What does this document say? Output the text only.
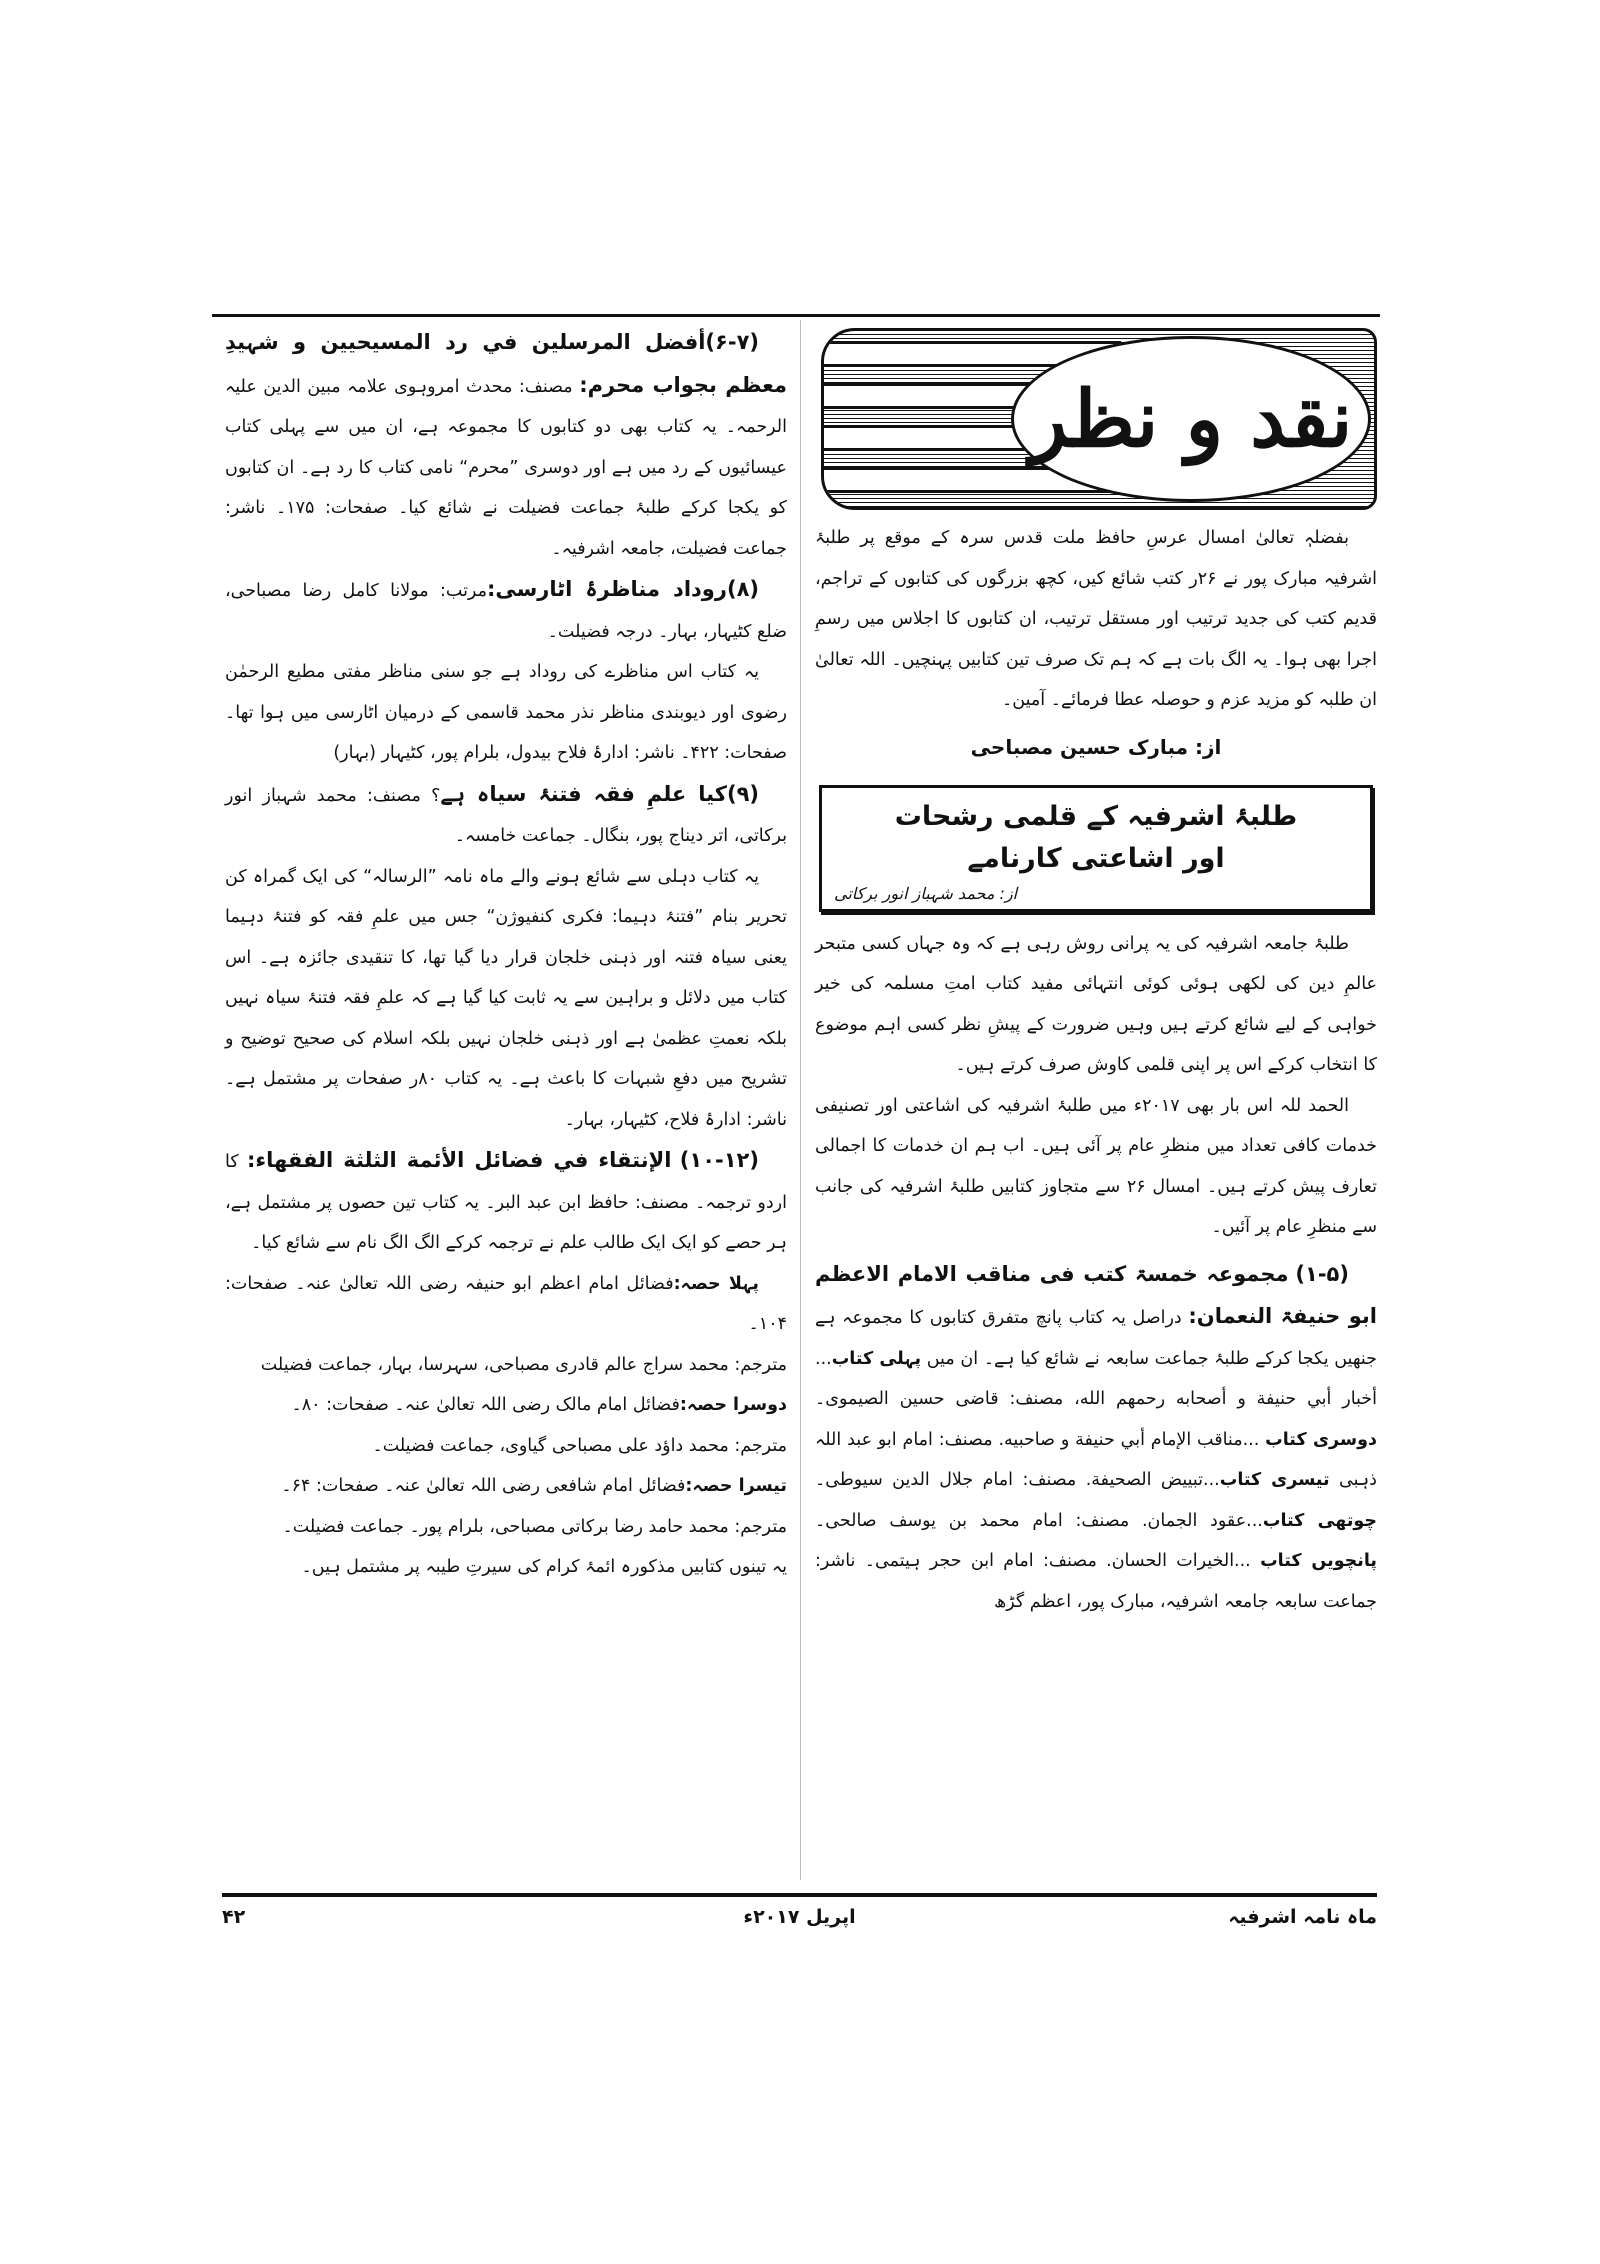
نقد و نظر

بفضلہٖ تعالیٰ امسال عرسِ حافظ ملت قدس سرہ کے موقع پر طلبۂ اشرفیہ مبارک پور نے ۲۶ر کتب شائع کیں، کچھ بزرگوں کی کتابوں کے تراجم، قدیم کتب کی جدید ترتیب اور مستقل ترتیب، ان کتابوں کا اجلاس میں رسمِ اجرا بھی ہوا۔ یہ الگ بات ہے کہ ہم تک صرف تین کتابیں پہنچیں۔ اللہ تعالیٰ ان طلبہ کو مزید عزم و حوصلہ عطا فرمائے۔ آمین۔

از: مبارک حسین مصباحی
طلبۂ اشرفیہ کے قلمی رشحات
اور اشاعتی کارنامے
از: محمد شہباز انور برکاتی

طلبۂ جامعہ اشرفیہ کی یہ پرانی روش رہی ہے کہ وہ جہاں کسی متبحر عالمِ دین کی لکھی ہوئی کوئی انتہائی مفید کتاب امتِ مسلمہ کی خیر خواہی کے لیے شائع کرتے ہیں وہیں ضرورت کے پیشِ نظر کسی اہم موضوع کا انتخاب کرکے اس پر اپنی قلمی کاوش صرف کرتے ہیں۔

الحمد للہ اس بار بھی ۲۰۱۷ء میں طلبۂ اشرفیہ کی اشاعتی اور تصنیفی خدمات کافی تعداد میں منظرِ عام پر آئی ہیں۔ اب ہم ان خدمات کا اجمالی تعارف پیش کرتے ہیں۔ امسال ۲۶ سے متجاوز کتابیں طلبۂ اشرفیہ کی جانب سے منظرِ عام پر آئیں۔

(۱-۵) مجموعہ خمسۃ کتب فی مناقب الامام الاعظم ابو حنیفۃ النعمان: دراصل یہ کتاب پانچ متفرق کتابوں کا مجموعہ ہے جنھیں یکجا کرکے طلبۂ جماعت سابعہ نے شائع کیا ہے۔ ان میں پہلی کتاب... أخبار أبي حنيفة و أصحابه رحمهم الله، مصنف: قاضی حسین الصیموی۔ دوسری کتاب ...مناقب الإمام أبي حنيفة و صاحبيه. مصنف: امام ابو عبد اللہ ذہبی تیسری کتاب...تبييض الصحيفة. مصنف: امام جلال الدین سیوطی۔ چوتھی کتاب...عقود الجمان. مصنف: امام محمد بن یوسف صالحی۔ پانچویں کتاب ...الخيرات الحسان. مصنف: امام ابن حجر ہیتمی۔ ناشر: جماعت سابعہ جامعہ اشرفیہ، مبارک پور، اعظم گڑھ

(۶-۷)أفضل المرسلين في رد المسيحيين و شہیدِ معظم بجواب محرم: مصنف: محدث امروہوی علامہ مبین الدین علیہ الرحمہ۔ یہ کتاب بھی دو کتابوں کا مجموعہ ہے، ان میں سے پہلی کتاب عیسائیوں کے رد میں ہے اور دوسری ”محرم“ نامی کتاب کا رد ہے۔ ان کتابوں کو یکجا کرکے طلبۂ جماعت فضیلت نے شائع کیا۔ صفحات: ۱۷۵۔ ناشر: جماعت فضیلت، جامعہ اشرفیہ۔

(۸)روداد مناظرۂ اٹارسی:مرتب: مولانا کامل رضا مصباحی، ضلع کٹیہار، بہار۔ درجہ فضیلت۔

یہ کتاب اس مناظرے کی روداد ہے جو سنی مناظر مفتی مطیع الرحمٰن رضوی اور دیوبندی مناظر نذر محمد قاسمی کے درمیان اٹارسی میں ہوا تھا۔ صفحات: ۴۲۲۔ ناشر: ادارۂ فلاح بیدول، بلرام پور، کٹیہار (بہار)

(۹)کیا علمِ فقہ فتنۂ سیاہ ہے؟ مصنف: محمد شہباز انور برکاتی، اتر دیناج پور، بنگال۔ جماعت خامسہ۔

یہ کتاب دہلی سے شائع ہونے والے ماہ نامہ ”الرسالہ“ کی ایک گمراہ کن تحریر بنام ”فتنۂ دہیما: فکری کنفیوژن“ جس میں علمِ فقہ کو فتنۂ دہیما یعنی سیاہ فتنہ اور ذہنی خلجان قرار دیا گیا تھا، کا تنقیدی جائزہ ہے۔ اس کتاب میں دلائل و براہین سے یہ ثابت کیا گیا ہے کہ علمِ فقہ فتنۂ سیاہ نہیں بلکہ نعمتِ عظمیٰ ہے اور ذہنی خلجان نہیں بلکہ اسلام کی صحیح توضیح و تشریح میں دفعِ شبہات کا باعث ہے۔ یہ کتاب ۸۰ر صفحات پر مشتمل ہے۔ ناشر: ادارۂ فلاح، کٹیہار، بہار۔

(۱۰-۱۲) الإنتقاء في فضائل الأئمة الثلثة الفقهاء: کا اردو ترجمہ۔ مصنف: حافظ ابن عبد البر۔ یہ کتاب تین حصوں پر مشتمل ہے، ہر حصے کو ایک ایک طالب علم نے ترجمہ کرکے الگ الگ نام سے شائع کیا۔

پہلا حصہ:فضائل امام اعظم ابو حنیفہ رضی اللہ تعالیٰ عنہ۔ صفحات: ۱۰۴۔

مترجم: محمد سراج عالم قادری مصباحی، سہرسا، بہار، جماعت فضیلت

دوسرا حصہ:فضائل امام مالک رضی اللہ تعالیٰ عنہ۔ صفحات: ۸۰۔

مترجم: محمد داؤد علی مصباحی گیاوی، جماعت فضیلت۔

تیسرا حصہ:فضائل امام شافعی رضی اللہ تعالیٰ عنہ۔ صفحات: ۶۴۔

مترجم: محمد حامد رضا برکاتی مصباحی، بلرام پور۔ جماعت فضیلت۔

یہ تینوں کتابیں مذکورہ ائمۂ کرام کی سیرتِ طیبہ پر مشتمل ہیں۔

ماہ نامہ اشرفیہ
اپریل ۲۰۱۷ء
۴۲
